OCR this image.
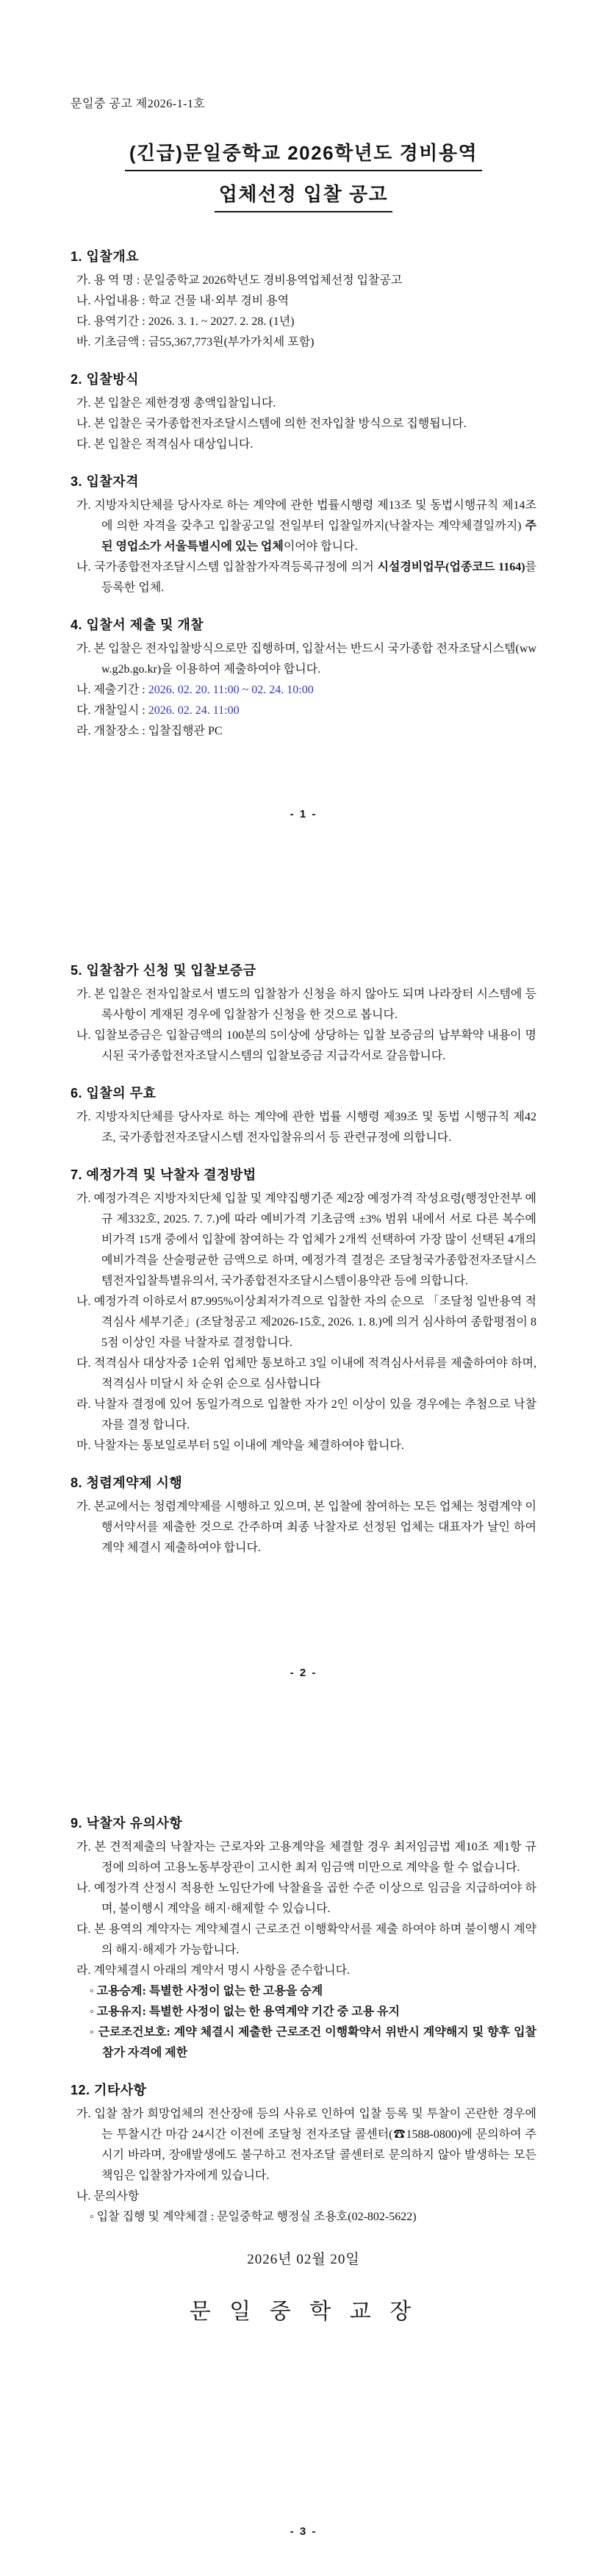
문일중 공고 제2026-1-1호
(긴급)문일중학교 2026학년도 경비용역
업체선정 입찰 공고
1. 입찰개요

가. 용 역 명 : 문일중학교 2026학년도 경비용역업체선정 입찰공고

나. 사업내용 : 학교 건물 내·외부 경비 용역

다. 용역기간 : 2026. 3. 1. ~ 2027. 2. 28. (1년)

바. 기초금액 : 금55,367,773원(부가가치세 포함)

2. 입찰방식

가. 본 입찰은 제한경쟁 총액입찰입니다.

나. 본 입찰은 국가종합전자조달시스템에 의한 전자입찰 방식으로 집행됩니다.

다. 본 입찰은 적격심사 대상입니다.

3. 입찰자격

가. 지방자치단체를 당사자로 하는 계약에 관한 법률시행령 제13조 및 동법시행규칙 제14조에 의한 자격을 갖추고 입찰공고일 전일부터 입찰일까지(낙찰자는 계약체결일까지) 주된 영업소가 서울특별시에 있는 업체이어야 합니다.

나. 국가종합전자조달시스템 입찰참가자격등록규정에 의거 시설경비업무(업종코드 1164)를 등록한 업체.

4. 입찰서 제출 및 개찰

가. 본 입찰은 전자입찰방식으로만 집행하며, 입찰서는 반드시 국가종합 전자조달시스템(www.g2b.go.kr)을 이용하여 제출하여야 합니다.

나. 제출기간 : 2026. 02. 20. 11:00 ~ 02. 24. 10:00

다. 개찰일시 : 2026. 02. 24. 11:00

라. 개찰장소 : 입찰집행관 PC

- 1 -
5. 입찰참가 신청 및 입찰보증금

가. 본 입찰은 전자입찰로서 별도의 입찰참가 신청을 하지 않아도 되며 나라장터 시스템에 등록사항이 게재된 경우에 입찰참가 신청을 한 것으로 봅니다.

나. 입찰보증금은 입찰금액의 100분의 5이상에 상당하는 입찰 보증금의 납부확약 내용이 명시된 국가종합전자조달시스템의 입찰보증금 지급각서로 갈음합니다.

6. 입찰의 무효

가. 지방자치단체를 당사자로 하는 계약에 관한 법률 시행령 제39조 및 동법 시행규칙 제42조, 국가종합전자조달시스템 전자입찰유의서 등 관련규정에 의합니다.

7. 예정가격 및 낙찰자 결정방법

가. 예정가격은 지방자치단체 입찰 및 계약집행기준 제2장 예정가격 작성요령(행정안전부 예규 제332호, 2025. 7. 7.)에 따라 예비가격 기초금액 ±3% 범위 내에서 서로 다른 복수예비가격 15개 중에서 입찰에 참여하는 각 업체가 2개씩 선택하여 가장 많이 선택된 4개의 예비가격을 산술평균한 금액으로 하며, 예정가격 결정은 조달청국가종합전자조달시스템전자입찰특별유의서, 국가종합전자조달시스템이용약관 등에 의합니다.

나. 예정가격 이하로서 87.995%이상최저가격으로 입찰한 자의 순으로 「조달청 일반용역 적격심사 세부기준」(조달청공고 제2026-15호, 2026. 1. 8.)에 의거 심사하여 종합평점이 85점 이상인 자를 낙찰자로 결정합니다.

다. 적격심사 대상자중 1순위 업체만 통보하고 3일 이내에 적격심사서류를 제출하여야 하며, 적격심사 미달시 차 순위 순으로 심사합니다

라. 낙찰자 결정에 있어 동일가격으로 입찰한 자가 2인 이상이 있을 경우에는 추첨으로 낙찰자를 결정 합니다.

마. 낙찰자는 통보일로부터 5일 이내에 계약을 체결하여야 합니다.

8. 청렴계약제 시행

가. 본교에서는 청렴계약제를 시행하고 있으며, 본 입찰에 참여하는 모든 업체는 청렴계약 이행서약서를 제출한 것으로 간주하며 최종 낙찰자로 선정된 업체는 대표자가 날인 하여 계약 체결시 제출하여야 합니다.

- 2 -
9. 낙찰자 유의사항

가. 본 견적제출의 낙찰자는 근로자와 고용계약을 체결할 경우 최저임금법 제10조 제1항 규정에 의하여 고용노동부장관이 고시한 최저 임금액 미만으로 계약을 할 수 없습니다.

나. 예정가격 산정시 적용한 노임단가에 낙찰율을 곱한 수준 이상으로 임금을 지급하여야 하며, 불이행시 계약을 해지·해제할 수 있습니다.

다. 본 용역의 계약자는 계약체결시 근로조건 이행확약서를 제출 하여야 하며 불이행시 계약의 해지·해제가 가능합니다.

라. 계약체결시 아래의 계약서 명시 사항을 준수합니다.

◦ 고용승계: 특별한 사정이 없는 한 고용을 승계

◦ 고용유지: 특별한 사정이 없는 한 용역계약 기간 중 고용 유지

◦ 근로조건보호: 계약 체결시 제출한 근로조건 이행확약서 위반시 계약해지 및 향후 입찰참가 자격에 제한

12. 기타사항

가. 입찰 참가 희망업체의 전산장애 등의 사유로 인하여 입찰 등록 및 투찰이 곤란한 경우에는 투찰시간 마감 24시간 이전에 조달청 전자조달 콜센터(☎1588-0800)에 문의하여 주시기 바라며, 장애발생에도 불구하고 전자조달 콜센터로 문의하지 않아 발생하는 모든 책임은 입찰참가자에게 있습니다.

나. 문의사항

◦ 입찰 집행 및 계약체결 : 문일중학교 행정실 조용호(02-802-5622)

2026년 02월 20일
문 일 중 학 교 장
- 3 -
